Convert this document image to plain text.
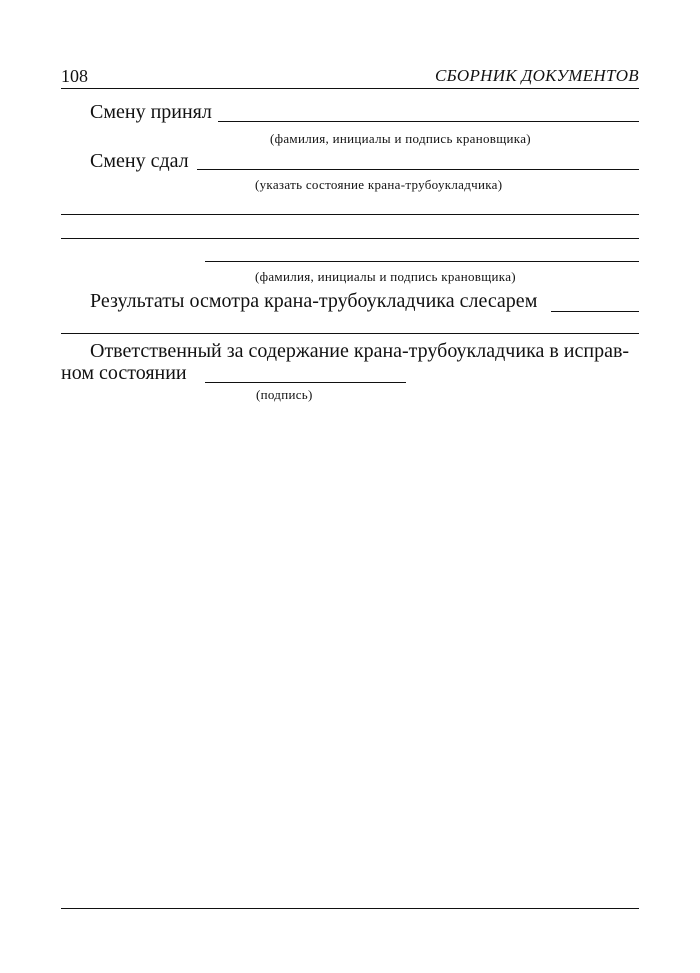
108	СБОРНИК ДОКУМЕНТОВ
Смену принял
(фамилия, инициалы и подпись крановщика)
Смену сдал
(указать состояние крана-трубоукладчика)
(фамилия, инициалы и подпись крановщика)
Результаты осмотра крана-трубоукладчика слесарем
Ответственный за содержание крана-трубоукладчика в исправ-
ном состоянии
(подпись)
